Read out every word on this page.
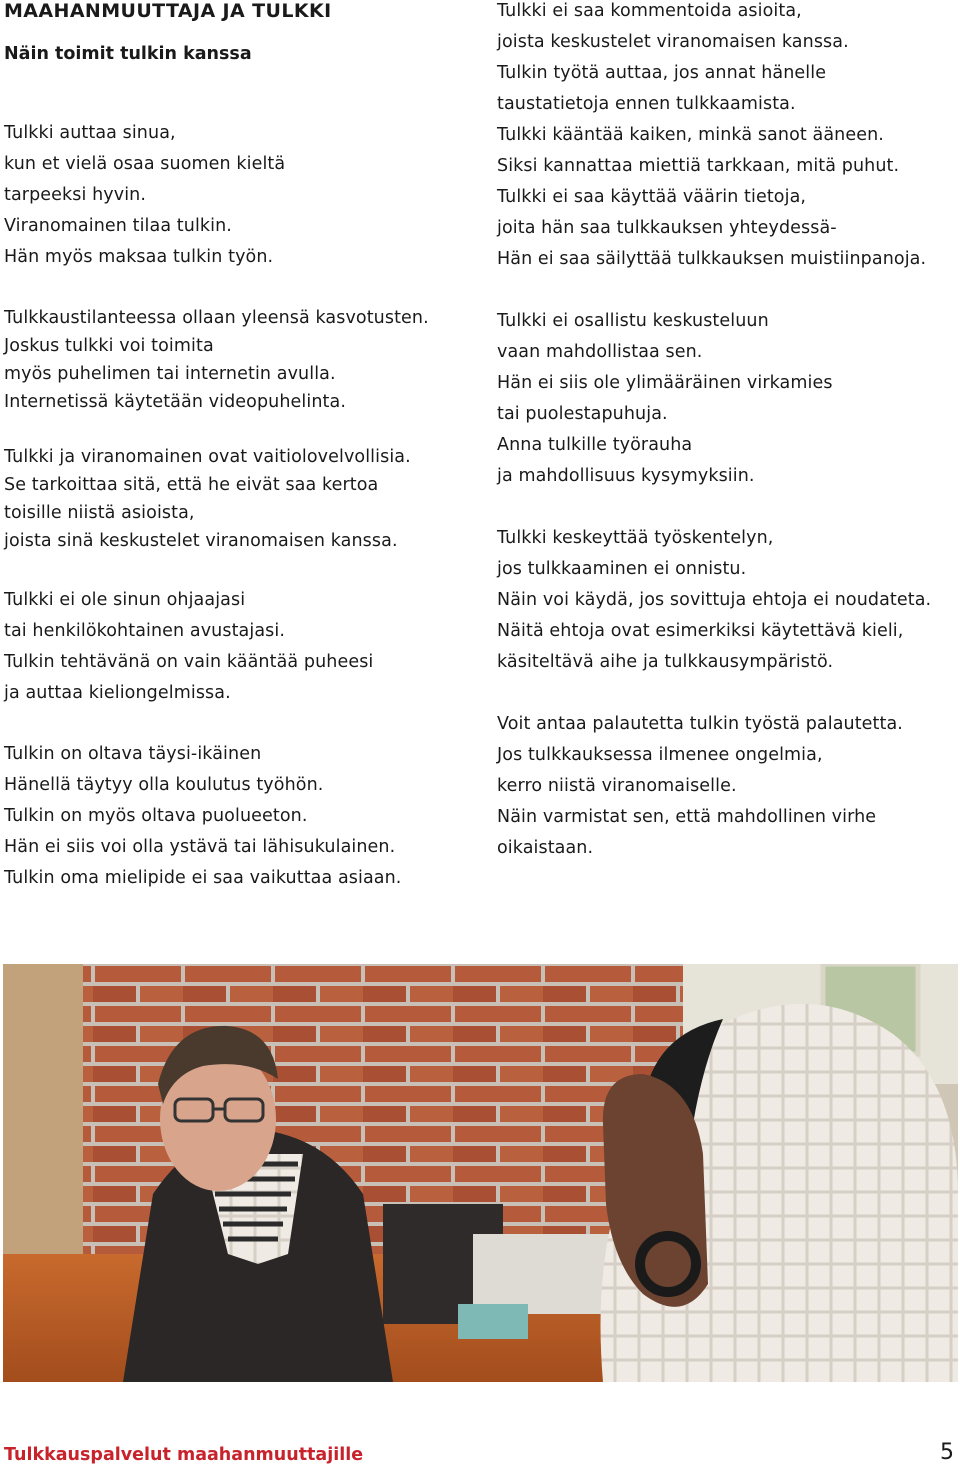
MAAHANMUUTTAJA JA TULKKI
Näin toimit tulkin kanssa
Tulkki auttaa sinua,
kun et vielä osaa suomen kieltä
tarpeeksi hyvin.
Viranomainen tilaa tulkin.
Hän myös maksaa tulkin työn.
Tulkkaustilanteessa ollaan yleensä kasvotusten.
Joskus tulkki voi toimita
myös puhelimen tai internetin avulla.
Internetissä käytetään videopuhelinta.
Tulkki ja viranomainen ovat vaitiolovelvollisia.
Se tarkoittaa sitä, että he eivät saa kertoa
toisille niistä asioista,
joista sinä keskustelet viranomaisen kanssa.
Tulkki ei ole sinun ohjaajasi
tai henkilökohtainen avustajasi.
Tulkin tehtävänä on vain kääntää puheesi
ja auttaa kieliongelmissa.
Tulkin on oltava täysi-ikäinen
Hänellä täytyy olla koulutus työhön.
Tulkin on myös oltava puolueeton.
Hän ei siis voi olla ystävä tai lähisukulainen.
Tulkin oma mielipide ei saa vaikuttaa asiaan.
Tulkki ei saa kommentoida asioita,
joista keskustelet viranomaisen kanssa.
Tulkin työtä auttaa, jos annat hänelle
taustatietoja ennen tulkkaamista.
Tulkki kääntää kaiken, minkä sanot ääneen.
Siksi kannattaa miettiä tarkkaan, mitä puhut.
Tulkki ei saa käyttää väärin tietoja,
joita hän saa tulkkauksen yhteydessä-
Hän ei saa säilyttää tulkkauksen muistiinpanoja.
Tulkki ei osallistu keskusteluun
vaan mahdollistaa sen.
Hän ei siis ole ylimääräinen virkamies
tai puolestapuhuja.
Anna tulkille työrauha
ja mahdollisuus kysymyksiin.
Tulkki keskeyttää työskentelyn,
jos tulkkaaminen ei onnistu.
Näin voi käydä, jos sovittuja ehtoja ei noudateta.
Näitä ehtoja ovat esimerkiksi käytettävä kieli,
käsiteltävä aihe ja tulkkausympäristö.
Voit antaa palautetta tulkin työstä palautetta.
Jos tulkkauksessa ilmenee ongelmia,
kerro niistä viranomaiselle.
Näin varmistat sen, että mahdollinen virhe
oikaistaan.
Tulkkauspalvelut maahanmuuttajille	5
